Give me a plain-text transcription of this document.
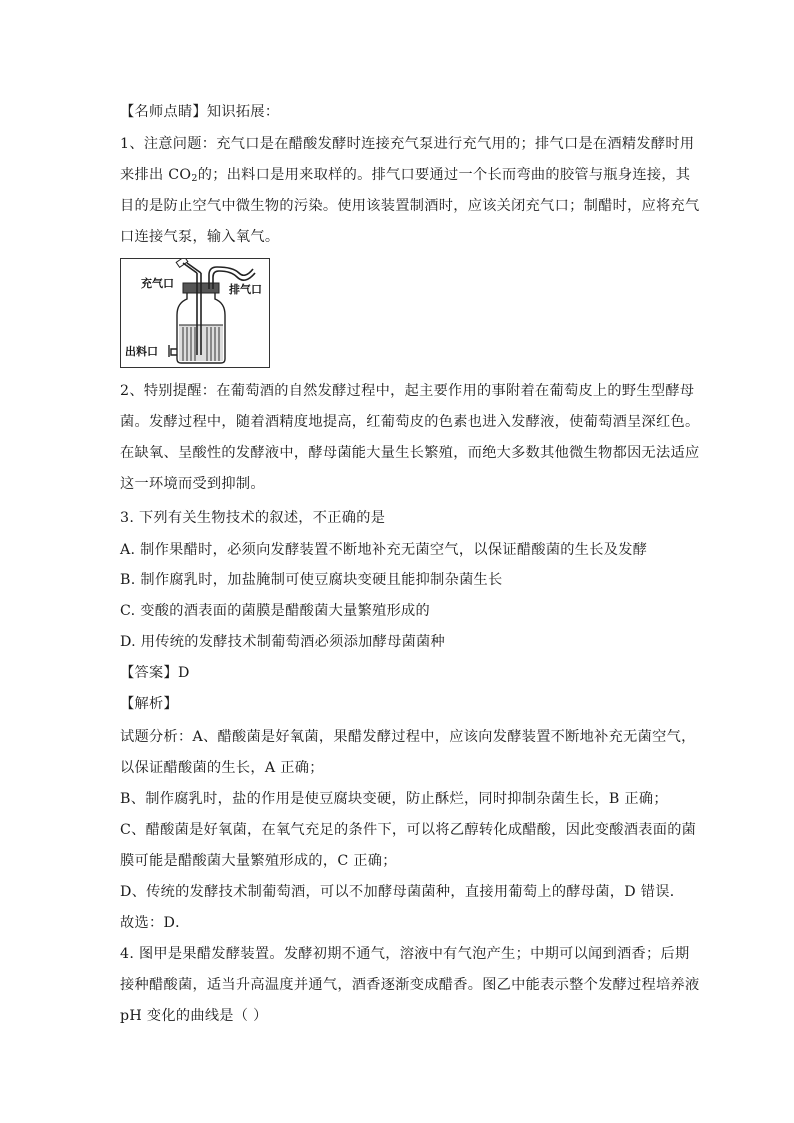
【名师点睛】知识拓展：
1、注意问题：充气口是在醋酸发酵时连接充气泵进行充气用的；排气口是在酒精发酵时用
来排出 $CO_2$的；出料口是用来取样的。排气口要通过一个长而弯曲的胶管与瓶身连接，其
目的是防止空气中微生物的污染。使用该装置制酒时，应该关闭充气口；制醋时，应将充气
口连接气泵，输入氧气。
充气口	排气口
出料口
2、特别提醒：在葡萄酒的自然发酵过程中，起主要作用的事附着在葡萄皮上的野生型酵母
菌。发酵过程中，随着酒精度地提高，红葡萄皮的色素也进入发酵液，使葡萄酒呈深红色。
在缺氧、呈酸性的发酵液中，酵母菌能大量生长繁殖，而绝大多数其他微生物都因无法适应
这一环境而受到抑制。
3. 下列有关生物技术的叙述，不正确的是
A. 制作果醋时，必须向发酵装置不断地补充无菌空气，以保证醋酸菌的生长及发酵
B. 制作腐乳时，加盐腌制可使豆腐块变硬且能抑制杂菌生长
C. 变酸的酒表面的菌膜是醋酸菌大量繁殖形成的
D. 用传统的发酵技术制葡萄酒必须添加酵母菌菌种
【答案】D
【解析】
试题分析：A、醋酸菌是好氧菌，果醋发酵过程中，应该向发酵装置不断地补充无菌空气，
以保证醋酸菌的生长，A 正确；
B、制作腐乳时，盐的作用是使豆腐块变硬，防止酥烂，同时抑制杂菌生长，B 正确；
C、醋酸菌是好氧菌，在氧气充足的条件下，可以将乙醇转化成醋酸，因此变酸酒表面的菌
膜可能是醋酸菌大量繁殖形成的，C 正确；
D、传统的发酵技术制葡萄酒，可以不加酵母菌菌种，直接用葡萄上的酵母菌，D 错误．
故选：D．
4. 图甲是果醋发酵装置。发酵初期不通气，溶液中有气泡产生；中期可以闻到酒香；后期
接种醋酸菌，适当升高温度并通气，酒香逐渐变成醋香。图乙中能表示整个发酵过程培养液
pH 变化的曲线是（ ）
